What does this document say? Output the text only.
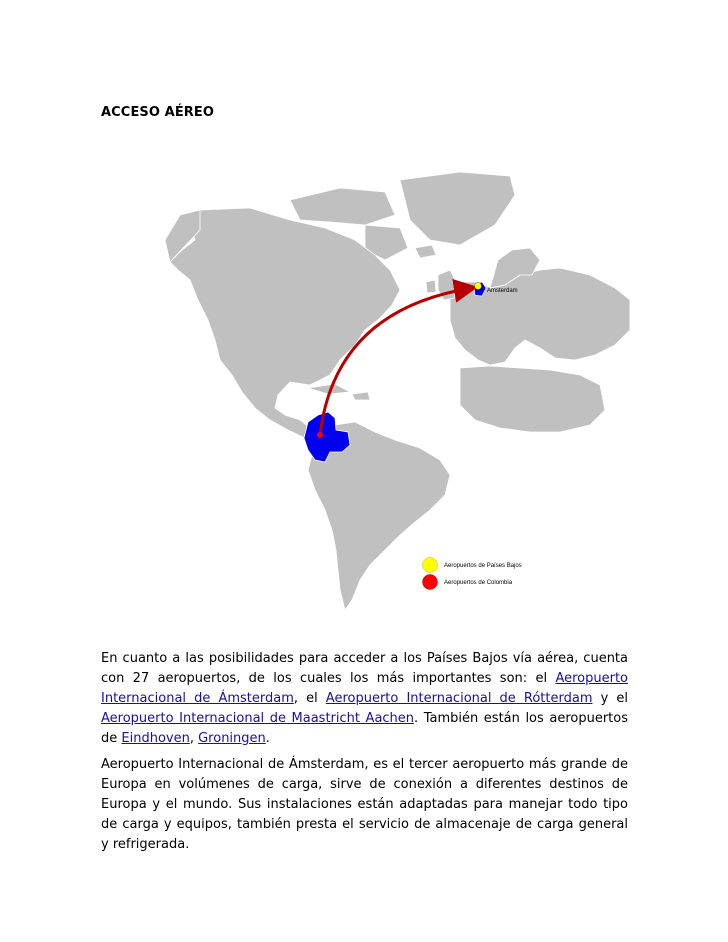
ACCESO AÉREO
Amsterdam
Aeropuertos de Países Bajos
Aeropuertos de Colombia

En cuanto a las posibilidades para acceder a los Países Bajos vía aérea, cuenta con 27 aeropuertos, de los cuales los más importantes son: el Aeropuerto Internacional de Ámsterdam, el Aeropuerto Internacional de Rótterdam y el Aeropuerto Internacional de Maastricht Aachen. También están los aeropuertos de Eindhoven, Groningen.

Aeropuerto Internacional de Ámsterdam, es el tercer aeropuerto más grande de Europa en volúmenes de carga, sirve de conexión a diferentes destinos de Europa y el mundo. Sus instalaciones están adaptadas para manejar todo tipo de carga y equipos, también presta el servicio de almacenaje de carga general y refrigerada.
